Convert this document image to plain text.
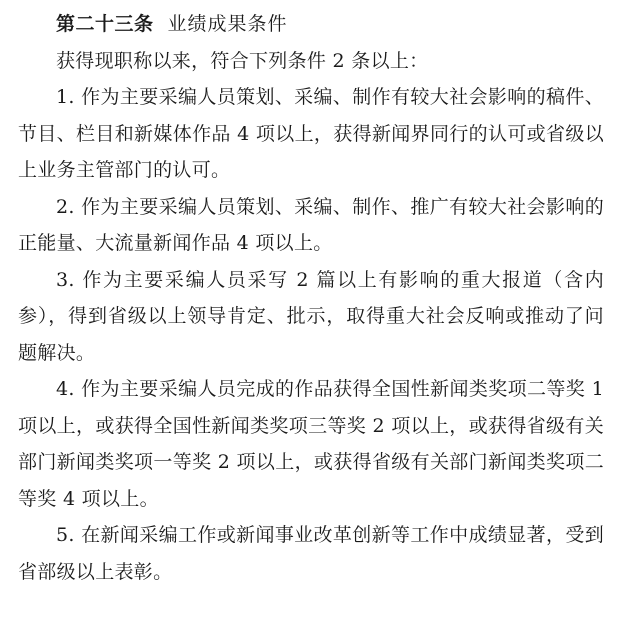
第二十三条 业绩成果条件

获得现职称以来，符合下列条件 2 条以上：

1. 作为主要采编人员策划、采编、制作有较大社会影响的稿件、节目、栏目和新媒体作品 4 项以上，获得新闻界同行的认可或省级以上业务主管部门的认可。

2. 作为主要采编人员策划、采编、制作、推广有较大社会影响的正能量、大流量新闻作品 4 项以上。

3. 作为主要采编人员采写 2 篇以上有影响的重大报道（含内参），得到省级以上领导肯定、批示，取得重大社会反响或推动了问题解决。

4. 作为主要采编人员完成的作品获得全国性新闻类奖项二等奖 1 项以上，或获得全国性新闻类奖项三等奖 2 项以上，或获得省级有关部门新闻类奖项一等奖 2 项以上，或获得省级有关部门新闻类奖项二等奖 4 项以上。

5. 在新闻采编工作或新闻事业改革创新等工作中成绩显著，受到省部级以上表彰。
